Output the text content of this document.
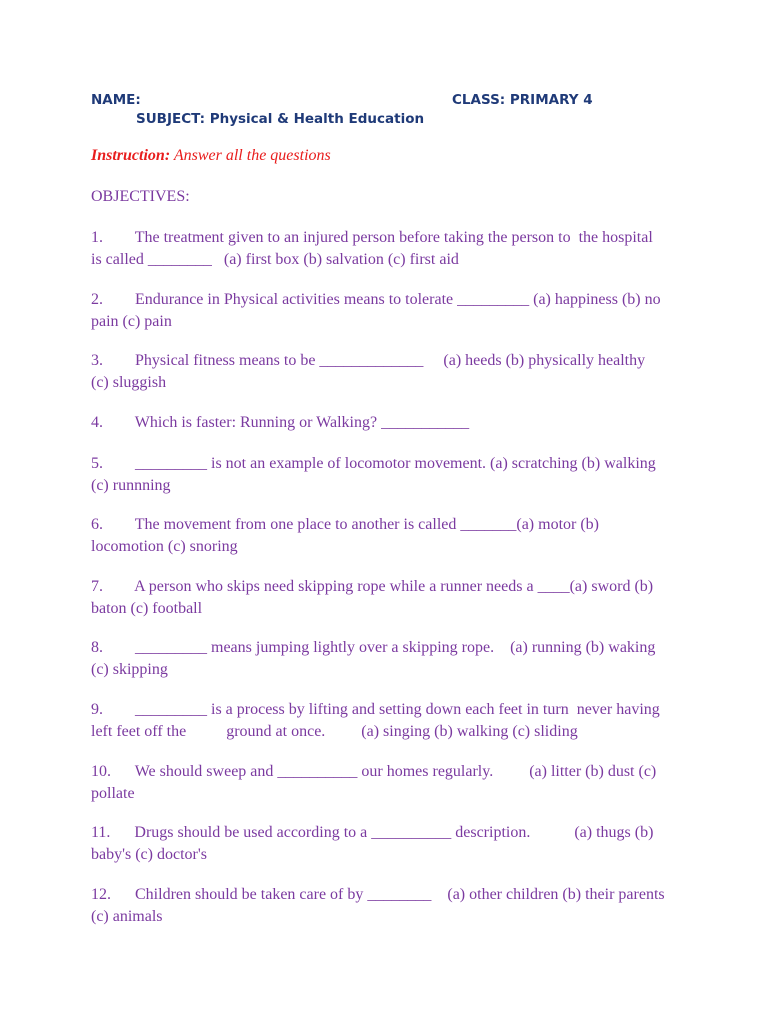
NAME:	CLASS: PRIMARY 4
SUBJECT: Physical & Health Education
Instruction: Answer all the questions
OBJECTIVES:
1.        The treatment given to an injured person before taking the person to  the hospital
is called ________   (a) first box (b) salvation (c) first aid
2.        Endurance in Physical activities means to tolerate _________ (a) happiness (b) no
pain (c) pain
3.        Physical fitness means to be _____________     (a) heeds (b) physically healthy
(c) sluggish
4.        Which is faster: Running or Walking? ___________
5.        _________ is not an example of locomotor movement. (a) scratching (b) walking
(c) runnning
6.        The movement from one place to another is called _______(a) motor (b)
locomotion (c) snoring
7.        A person who skips need skipping rope while a runner needs a ____(a) sword (b)
baton (c) football
8.        _________ means jumping lightly over a skipping rope.    (a) running (b) waking
(c) skipping
9.        _________ is a process by lifting and setting down each feet in turn  never having
left feet off the          ground at once.         (a) singing (b) walking (c) sliding
10.      We should sweep and __________ our homes regularly.         (a) litter (b) dust (c)
pollate
11.      Drugs should be used according to a __________ description.           (a) thugs (b)
baby's (c) doctor's
12.      Children should be taken care of by ________    (a) other children (b) their parents
(c) animals
